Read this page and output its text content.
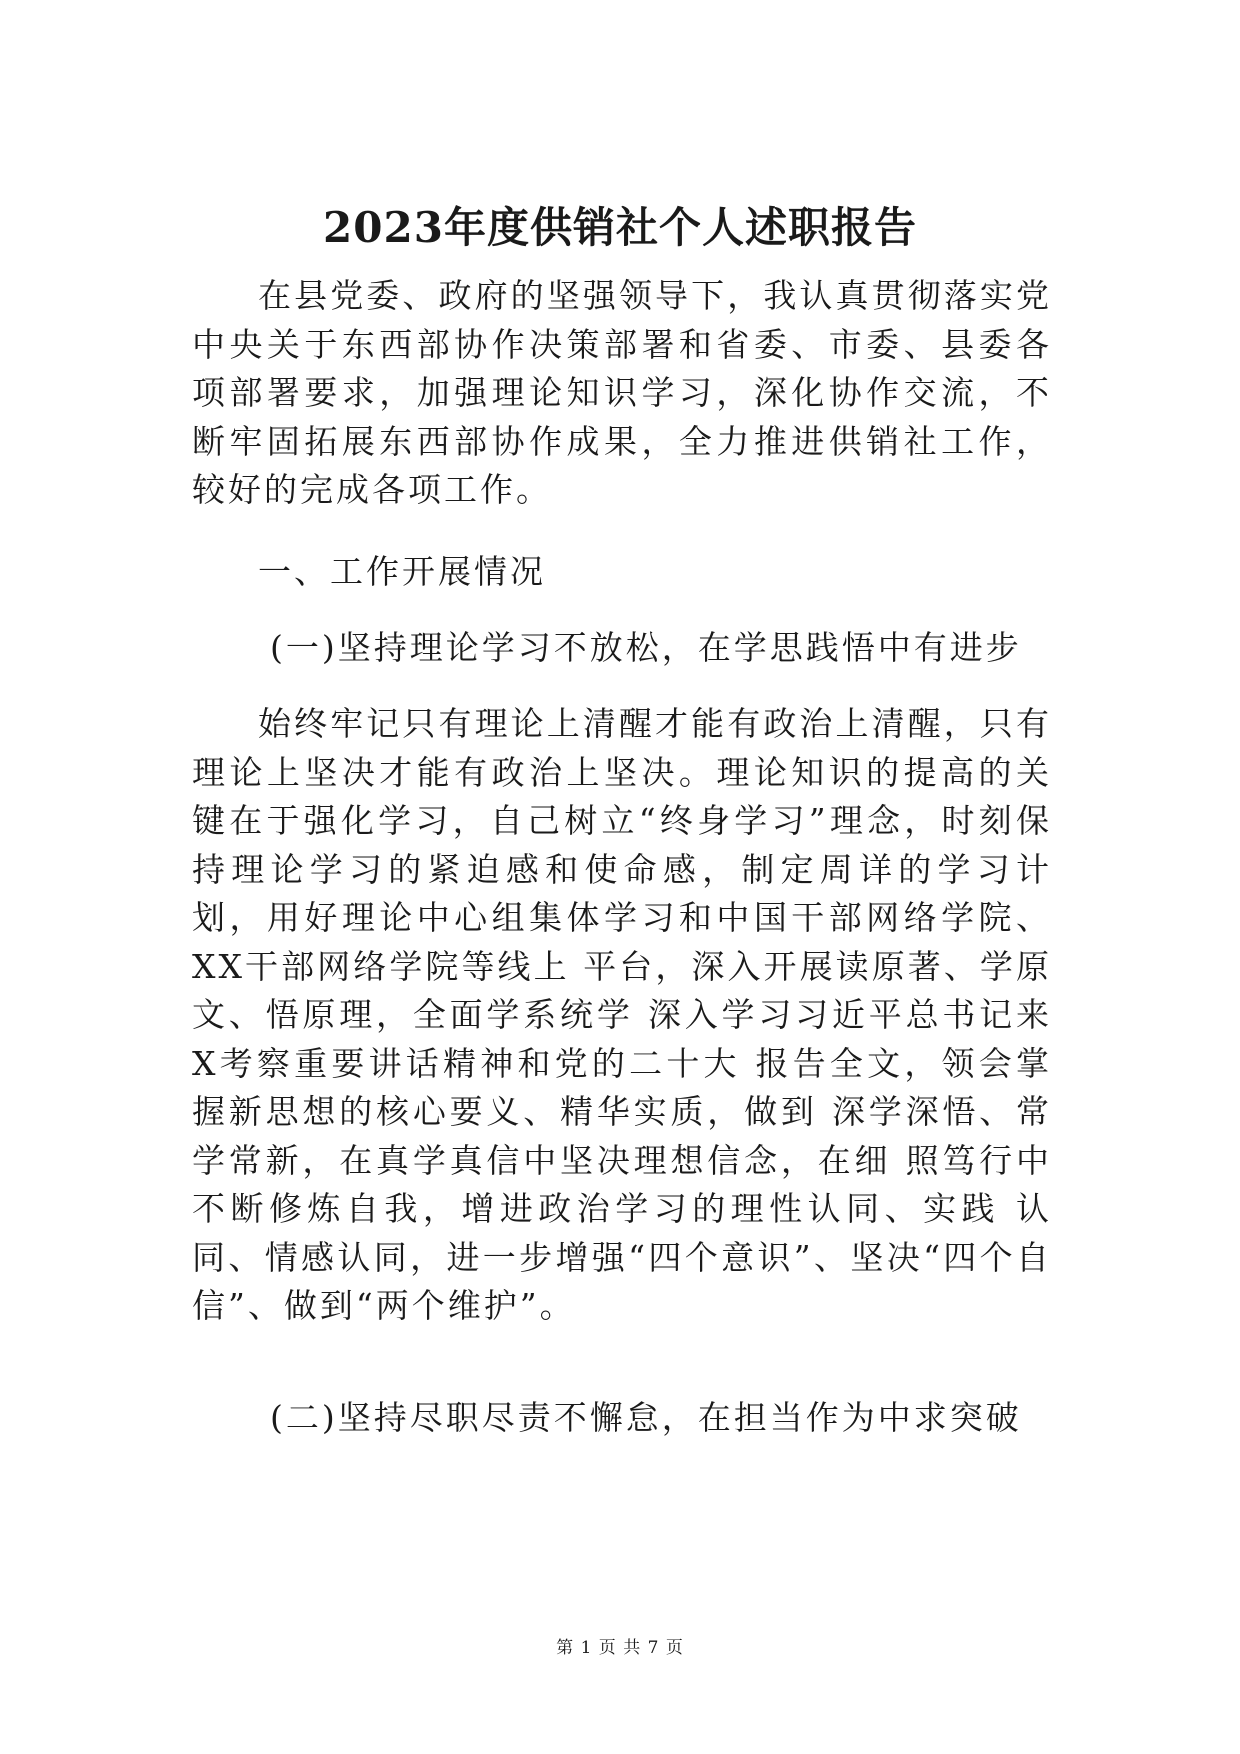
2023年度供销社个人述职报告

在县党委、政府的坚强领导下，我认真贯彻落实党中央关于东西部协作决策部署和省委、市委、县委各项部署要求，加强理论知识学习，深化协作交流，不断牢固拓展东西部协作成果，全力推进供销社工作，较好的完成各项工作。

一、工作开展情况

(一)坚持理论学习不放松，在学思践悟中有进步

始终牢记只有理论上清醒才能有政治上清醒，只有理论上坚决才能有政治上坚决。理论知识的提高的关键在于强化学习，自己树立“终身学习”理念，时刻保持理论学习的紧迫感和使命感，制定周详的学习计划，用好理论中心组集体学习和中国干部网络学院、XX干部网络学院等线上 平台，深入开展读原著、学原文、悟原理，全面学系统学 深入学习习近平总书记来X考察重要讲话精神和党的二十大 报告全文，领会掌握新思想的核心要义、精华实质，做到 深学深悟、常学常新，在真学真信中坚决理想信念，在细 照笃行中不断修炼自我，增进政治学习的理性认同、实践 认同、情感认同，进一步增强“四个意识”、坚决“四个自信”、做到“两个维护”。

(二)坚持尽职尽责不懈怠，在担当作为中求突破

第 1 页 共 7 页
